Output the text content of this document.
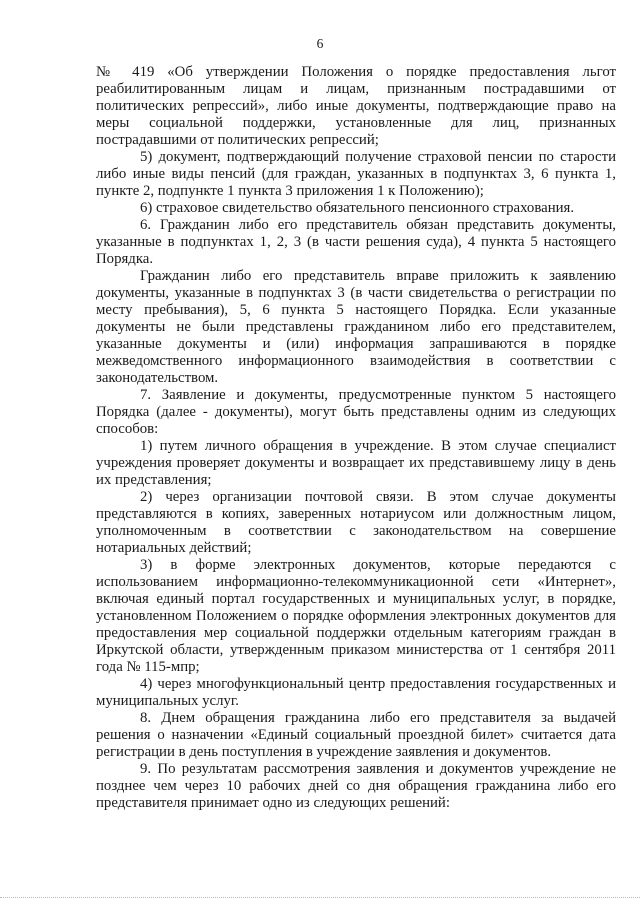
6

№ 419 «Об утверждении Положения о порядке предоставления льгот реабилитированным лицам и лицам, признанным пострадавшими от политических репрессий», либо иные документы, подтверждающие право на меры социальной поддержки, установленные для лиц, признанных пострадавшими от политических репрессий;

5) документ, подтверждающий получение страховой пенсии по старости либо иные виды пенсий (для граждан, указанных в подпунктах 3, 6 пункта 1, пункте 2, подпункте 1 пункта 3 приложения 1 к Положению);

6) страховое свидетельство обязательного пенсионного страхования.

6. Гражданин либо его представитель обязан представить документы, указанные в подпунктах 1, 2, 3 (в части решения суда), 4 пункта 5 настоящего Порядка.

Гражданин либо его представитель вправе приложить к заявлению документы, указанные в подпунктах 3 (в части свидетельства о регистрации по месту пребывания), 5, 6 пункта 5 настоящего Порядка. Если указанные документы не были представлены гражданином либо его представителем, указанные документы и (или) информация запрашиваются в порядке межведомственного информационного взаимодействия в соответствии с законодательством.

7. Заявление и документы, предусмотренные пунктом 5 настоящего Порядка (далее - документы), могут быть представлены одним из следующих способов:

1) путем личного обращения в учреждение. В этом случае специалист учреждения проверяет документы и возвращает их представившему лицу в день их представления;

2) через организации почтовой связи. В этом случае документы представляются в копиях, заверенных нотариусом или должностным лицом, уполномоченным в соответствии с законодательством на совершение нотариальных действий;

3) в форме электронных документов, которые передаются с использованием информационно-телекоммуникационной сети «Интернет», включая единый портал государственных и муниципальных услуг, в порядке, установленном Положением о порядке оформления электронных документов для предоставления мер социальной поддержки отдельным категориям граждан в Иркутской области, утвержденным приказом министерства от 1 сентября 2011 года № 115-мпр;

4) через многофункциональный центр предоставления государственных и муниципальных услуг.

8. Днем обращения гражданина либо его представителя за выдачей решения о назначении «Единый социальный проездной билет» считается дата регистрации в день поступления в учреждение заявления и документов.

9. По результатам рассмотрения заявления и документов учреждение не позднее чем через 10 рабочих дней со дня обращения гражданина либо его представителя принимает одно из следующих решений:
